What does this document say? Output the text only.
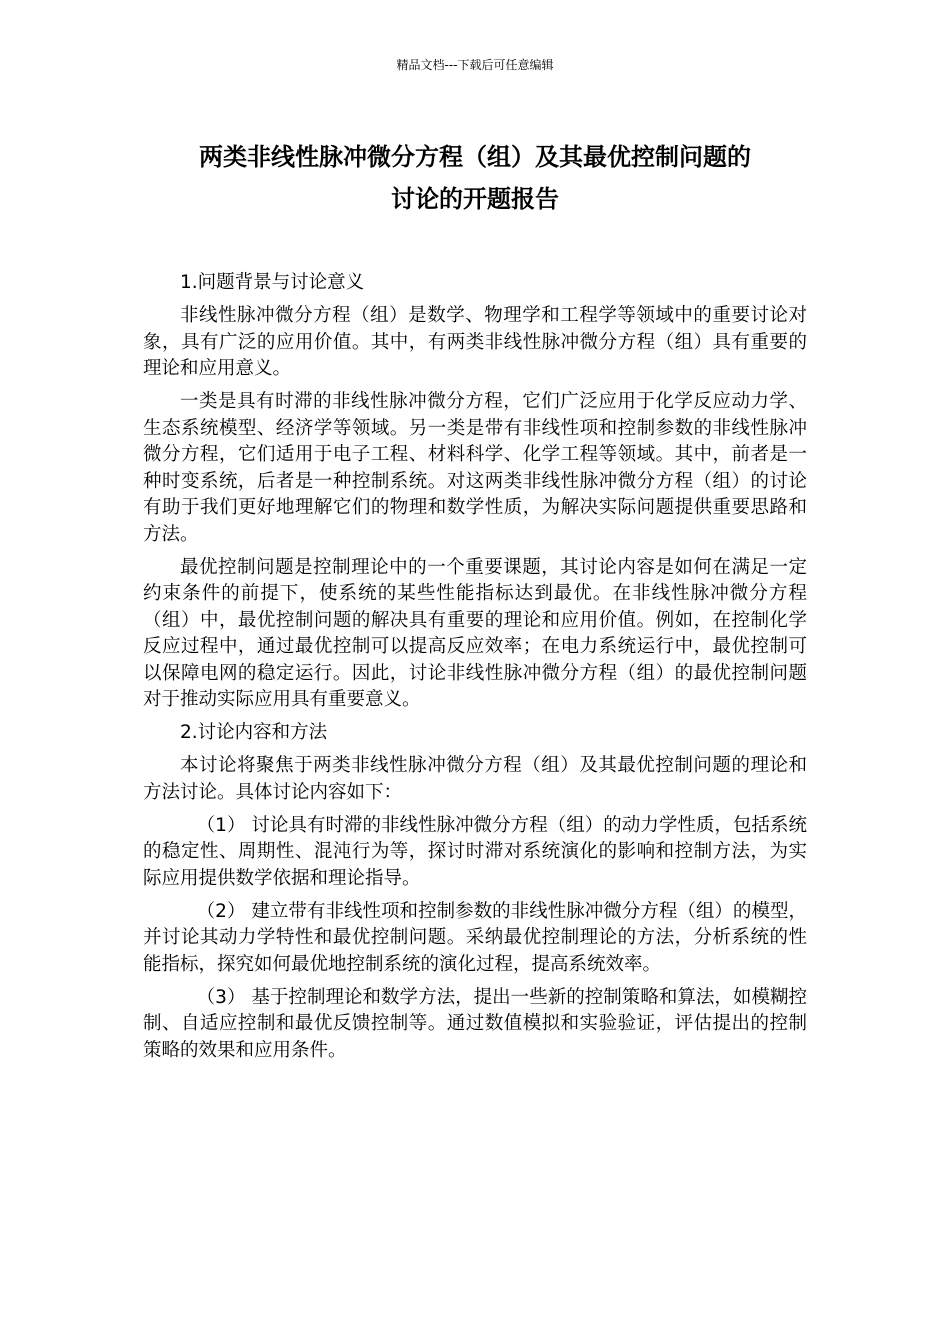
精品文档---下载后可任意编辑
两类非线性脉冲微分方程（组）及其最优控制问题的
讨论的开题报告

1.问题背景与讨论意义

非线性脉冲微分方程（组）是数学、物理学和工程学等领域中的重要讨论对象，具有广泛的应用价值。其中，有两类非线性脉冲微分方程（组）具有重要的理论和应用意义。

一类是具有时滞的非线性脉冲微分方程，它们广泛应用于化学反应动力学、生态系统模型、经济学等领域。另一类是带有非线性项和控制参数的非线性脉冲微分方程，它们适用于电子工程、材料科学、化学工程等领域。其中，前者是一种时变系统，后者是一种控制系统。对这两类非线性脉冲微分方程（组）的讨论有助于我们更好地理解它们的物理和数学性质，为解决实际问题提供重要思路和方法。

最优控制问题是控制理论中的一个重要课题，其讨论内容是如何在满足一定约束条件的前提下，使系统的某些性能指标达到最优。在非线性脉冲微分方程（组）中，最优控制问题的解决具有重要的理论和应用价值。例如，在控制化学反应过程中，通过最优控制可以提高反应效率；在电力系统运行中，最优控制可以保障电网的稳定运行。因此，讨论非线性脉冲微分方程（组）的最优控制问题对于推动实际应用具有重要意义。

2.讨论内容和方法

本讨论将聚焦于两类非线性脉冲微分方程（组）及其最优控制问题的理论和方法讨论。具体讨论内容如下：

（1） 讨论具有时滞的非线性脉冲微分方程（组）的动力学性质，包括系统的稳定性、周期性、混沌行为等，探讨时滞对系统演化的影响和控制方法，为实际应用提供数学依据和理论指导。

（2） 建立带有非线性项和控制参数的非线性脉冲微分方程（组）的模型，并讨论其动力学特性和最优控制问题。采纳最优控制理论的方法，分析系统的性能指标，探究如何最优地控制系统的演化过程，提高系统效率。

（3） 基于控制理论和数学方法，提出一些新的控制策略和算法，如模糊控制、自适应控制和最优反馈控制等。通过数值模拟和实验验证，评估提出的控制策略的效果和应用条件。
